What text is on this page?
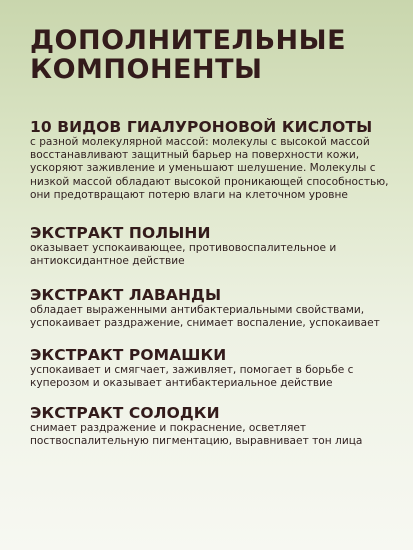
ДОПОЛНИТЕЛЬНЫЕ
КОМПОНЕНТЫ
10 ВИДОВ ГИАЛУРОНОВОЙ КИСЛОТЫ

с разной молекулярной массой: молекулы с высокой массой восстанавливают защитный барьер на поверхности кожи, ускоряют заживление и уменьшают шелушение. Молекулы с низкой массой обладают высокой проникающей способностью, они предотвращают потерю влаги на клеточном уровне

ЭКСТРАКТ ПОЛЫНИ

оказывает успокаивающее, противовоспалительное и антиоксидантное действие

ЭКСТРАКТ ЛАВАНДЫ

обладает выраженными антибактериальными свойствами, успокаивает раздражение, снимает воспаление, успокаивает

ЭКСТРАКТ РОМАШКИ

успокаивает и смягчает, заживляет, помогает в борьбе с куперозом и оказывает антибактериальное действие

ЭКСТРАКТ СОЛОДКИ

снимает раздражение и покраснение, осветляет поствоспалительную пигментацию, выравнивает тон лица
